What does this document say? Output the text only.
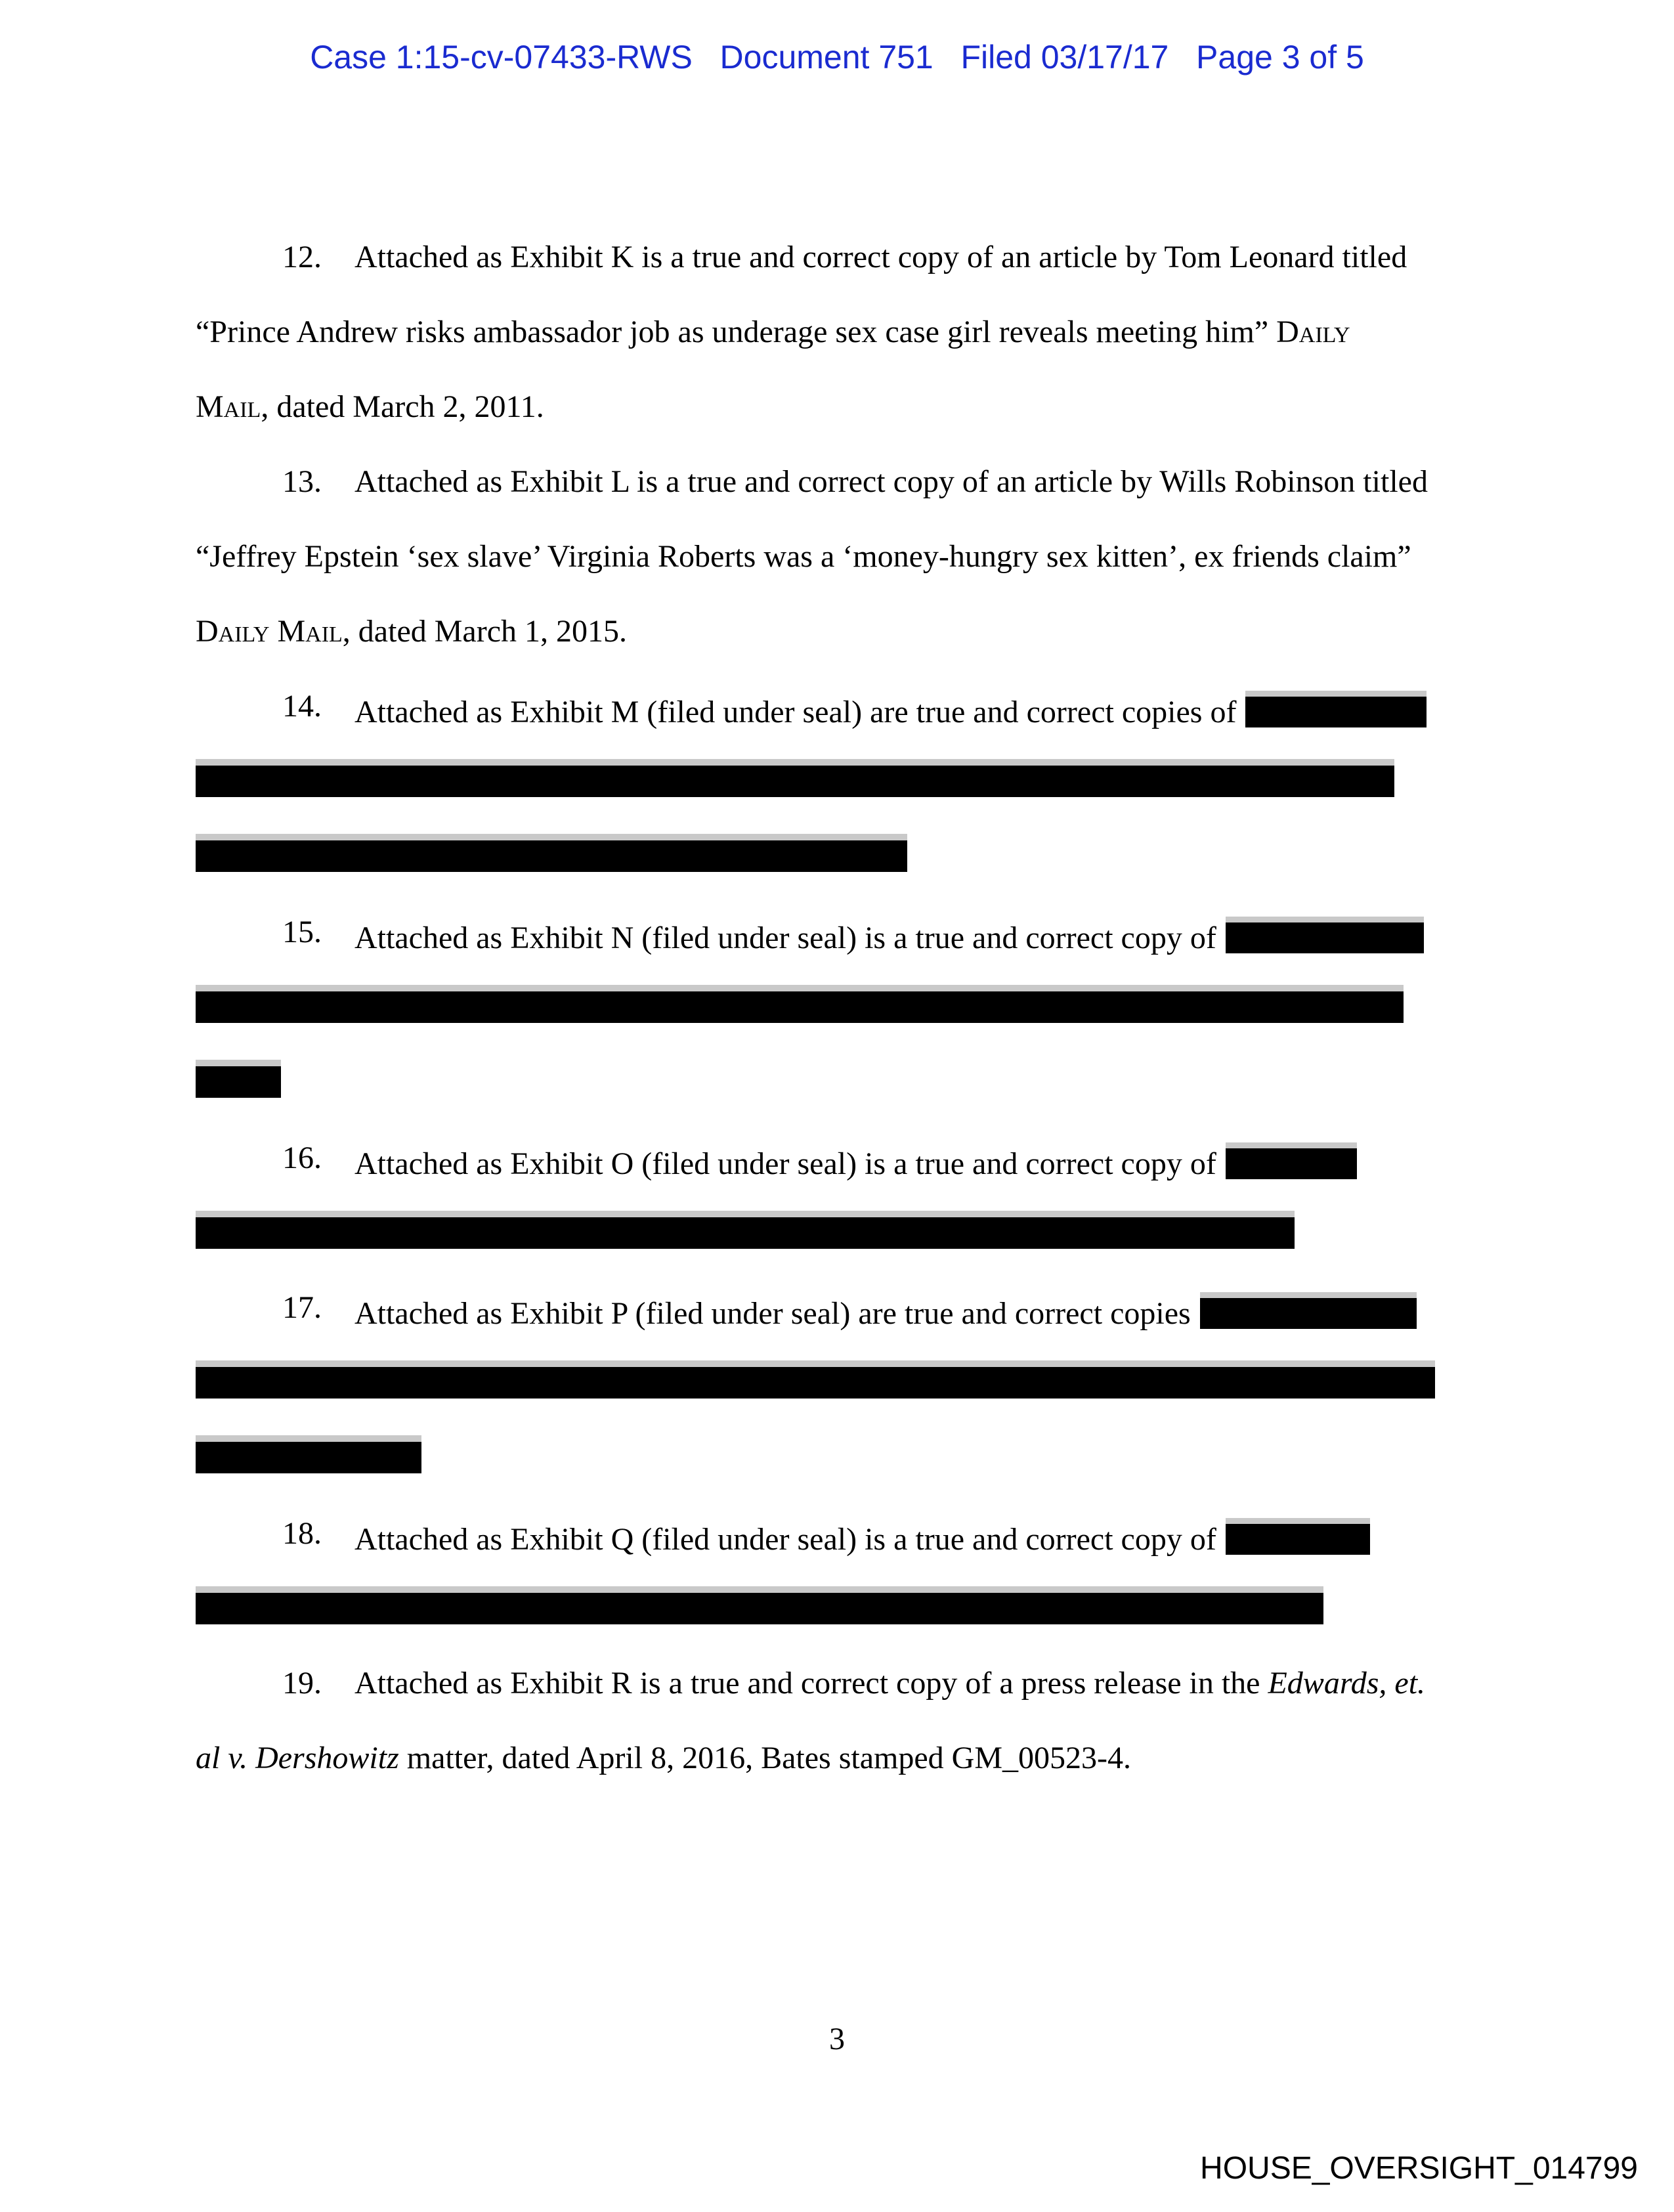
Case 1:15-cv-07433-RWS Document 751 Filed 03/17/17 Page 3 of 5
12. Attached as Exhibit K is a true and correct copy of an article by Tom Leonard titled
“Prince Andrew risks ambassador job as underage sex case girl reveals meeting him” Daily
Mail, dated March 2, 2011.
13. Attached as Exhibit L is a true and correct copy of an article by Wills Robinson titled
“Jeffrey Epstein ‘sex slave’ Virginia Roberts was a ‘money-hungry sex kitten’, ex friends claim”
Daily Mail, dated March 1, 2015.
14. Attached as Exhibit M (filed under seal) are true and correct copies of
15. Attached as Exhibit N (filed under seal) is a true and correct copy of
16. Attached as Exhibit O (filed under seal) is a true and correct copy of
17. Attached as Exhibit P (filed under seal) are true and correct copies
18. Attached as Exhibit Q (filed under seal) is a true and correct copy of
19. Attached as Exhibit R is a true and correct copy of a press release in the Edwards, et.
al v. Dershowitz matter, dated April 8, 2016, Bates stamped GM_00523-4.
3
HOUSE_OVERSIGHT_014799
